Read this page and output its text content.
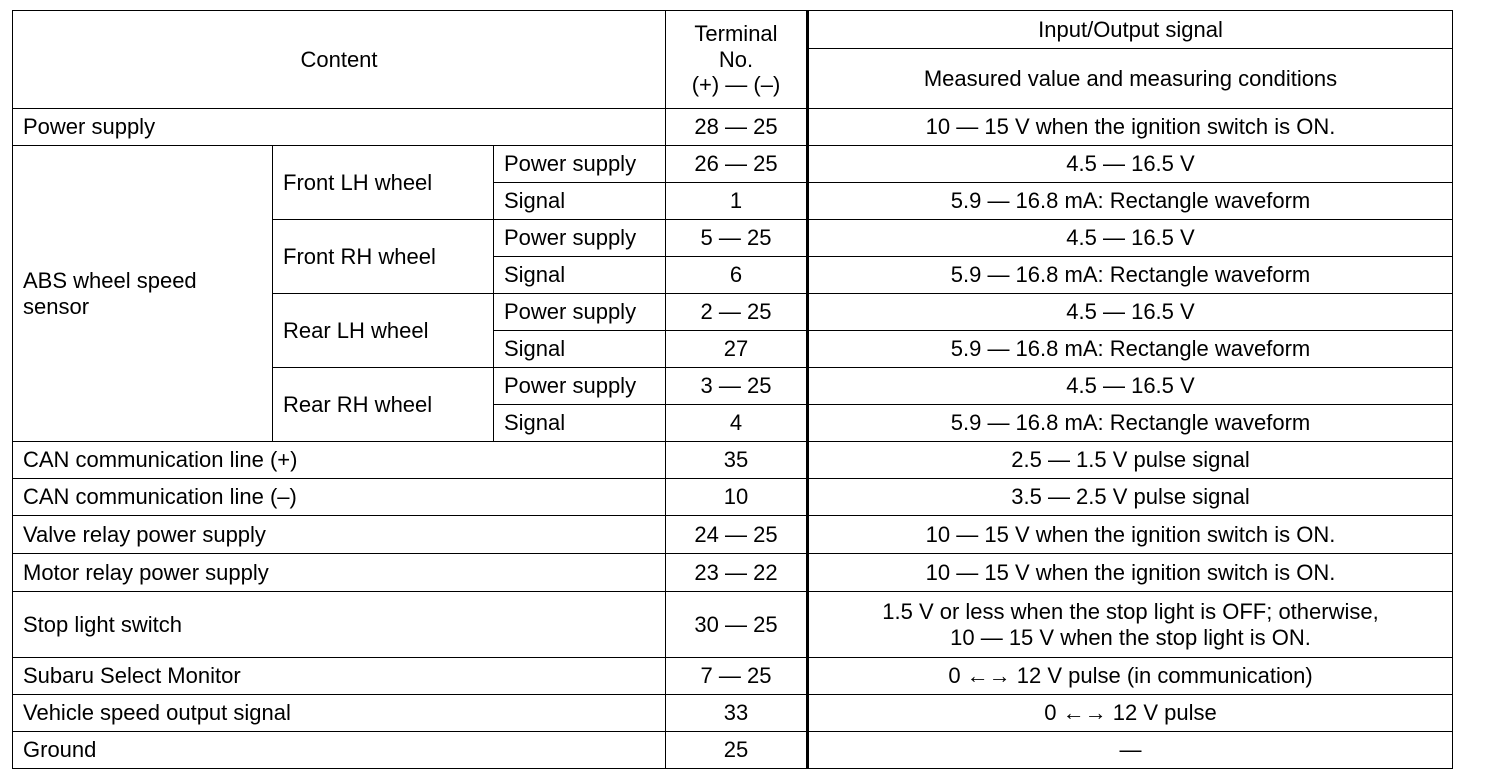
Content			Terminal
No.
(+) — (–)	Input/Output signal
				Measured value and measuring conditions
Power supply			28 — 25	10 — 15 V when the ignition switch is ON.

ABS wheel speed
sensor	Front LH wheel	Power supply	26 — 25	4.5 — 16.5 V
		Signal	1	5.9 — 16.8 mA: Rectangle waveform
	Front RH wheel	Power supply	5 — 25	4.5 — 16.5 V
		Signal	6	5.9 — 16.8 mA: Rectangle waveform
	Rear LH wheel	Power supply	2 — 25	4.5 — 16.5 V
		Signal	27	5.9 — 16.8 mA: Rectangle waveform
	Rear RH wheel	Power supply	3 — 25	4.5 — 16.5 V
		Signal	4	5.9 — 16.8 mA: Rectangle waveform
CAN communication line (+)			35	2.5 — 1.5 V pulse signal
CAN communication line (–)			10	3.5 — 2.5 V pulse signal
Valve relay power supply			24 — 25	10 — 15 V when the ignition switch is ON.
Motor relay power supply			23 — 22	10 — 15 V when the ignition switch is ON.
Stop light switch			30 — 25	1.5 V or less when the stop light is OFF; otherwise,
10 — 15 V when the stop light is ON.

Subaru Select Monitor			7 — 25	0 ←→ 12 V pulse (in communication)
Vehicle speed output signal			33	0 ←→ 12 V pulse
Ground			25	—
